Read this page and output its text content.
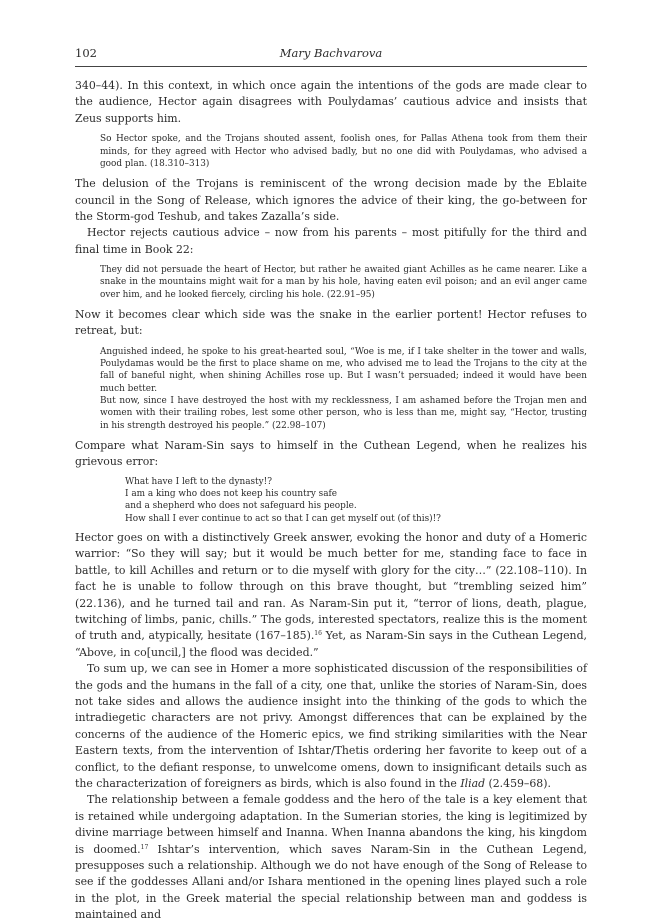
102	Mary Bachvarova

340–44). In this context, in which once again the intentions of the gods are made clear to the audience, Hector again disagrees with Poulydamas’ cautious advice and insists that Zeus supports him.

So Hector spoke, and the Trojans shouted assent, foolish ones, for Pallas Athena took from them their minds, for they agreed with Hector who advised badly, but no one did with Poulydamas, who advised a good plan. (18.310–313)

The delusion of the Trojans is reminiscent of the wrong decision made by the Eblaite council in the Song of Release, which ignores the advice of their king, the go-between for the Storm-god Teshub, and takes Zazalla’s side.

Hector rejects cautious advice – now from his parents – most pitifully for the third and final time in Book 22:

They did not persuade the heart of Hector, but rather he awaited giant Achilles as he came nearer. Like a snake in the mountains might wait for a man by his hole, having eaten evil poison; and an evil anger came over him, and he looked fiercely, circling his hole. (22.91–95)

Now it becomes clear which side was the snake in the earlier portent! Hector refuses to retreat, but:

Anguished indeed, he spoke to his great-hearted soul, “Woe is me, if I take shelter in the tower and walls, Poulydamas would be the first to place shame on me, who advised me to lead the Trojans to the city at the fall of baneful night, when shining Achilles rose up. But I wasn’t persuaded; indeed it would have been much better.
But now, since I have destroyed the host with my recklessness, I am ashamed before the Trojan men and women with their trailing robes, lest some other person, who is less than me, might say, “Hector, trusting in his strength destroyed his people.” (22.98–107)

Compare what Naram-Sin says to himself in the Cuthean Legend, when he realizes his grievous error:

What have I left to the dynasty!?
I am a king who does not keep his country safe
and a shepherd who does not safeguard his people.
How shall I ever continue to act so that I can get myself out (of this)!?

Hector goes on with a distinctively Greek answer, evoking the honor and duty of a Homeric warrior: “So they will say; but it would be much better for me, standing face to face in battle, to kill Achilles and return or to die myself with glory for the city…” (22.108–110). In fact he is unable to follow through on this brave thought, but “trembling seized him” (22.136), and he turned tail and ran. As Naram-Sin put it, “terror of lions, death, plague, twitching of limbs, panic, chills.” The gods, interested spectators, realize this is the moment of truth and, atypically, hesitate (167–185).$^{16}$ Yet, as Naram-Sin says in the Cuthean Legend, “Above, in co[uncil,] the flood was decided.”

To sum up, we can see in Homer a more sophisticated discussion of the responsibilities of the gods and the humans in the fall of a city, one that, unlike the stories of Naram-Sin, does not take sides and allows the audience insight into the thinking of the gods to which the intradiegetic characters are not privy. Amongst differences that can be explained by the concerns of the audience of the Homeric epics, we find striking similarities with the Near Eastern texts, from the intervention of Ishtar/Thetis ordering her favorite to keep out of a conflict, to the defiant response, to unwelcome omens, down to insignificant details such as the characterization of foreigners as birds, which is also found in the Iliad (2.459–68).

The relationship between a female goddess and the hero of the tale is a key element that is retained while undergoing adaptation. In the Sumerian stories, the king is legitimized by divine marriage between himself and Inanna. When Inanna abandons the king, his kingdom is doomed.$^{17}$ Ishtar’s intervention, which saves Naram-Sin in the Cuthean Legend, presupposes such a relationship. Although we do not have enough of the Song of Release to see if the goddesses Allani and/or Ishara mentioned in the opening lines played such a role in the plot, in the Greek material the special relationship between man and goddess is maintained and
